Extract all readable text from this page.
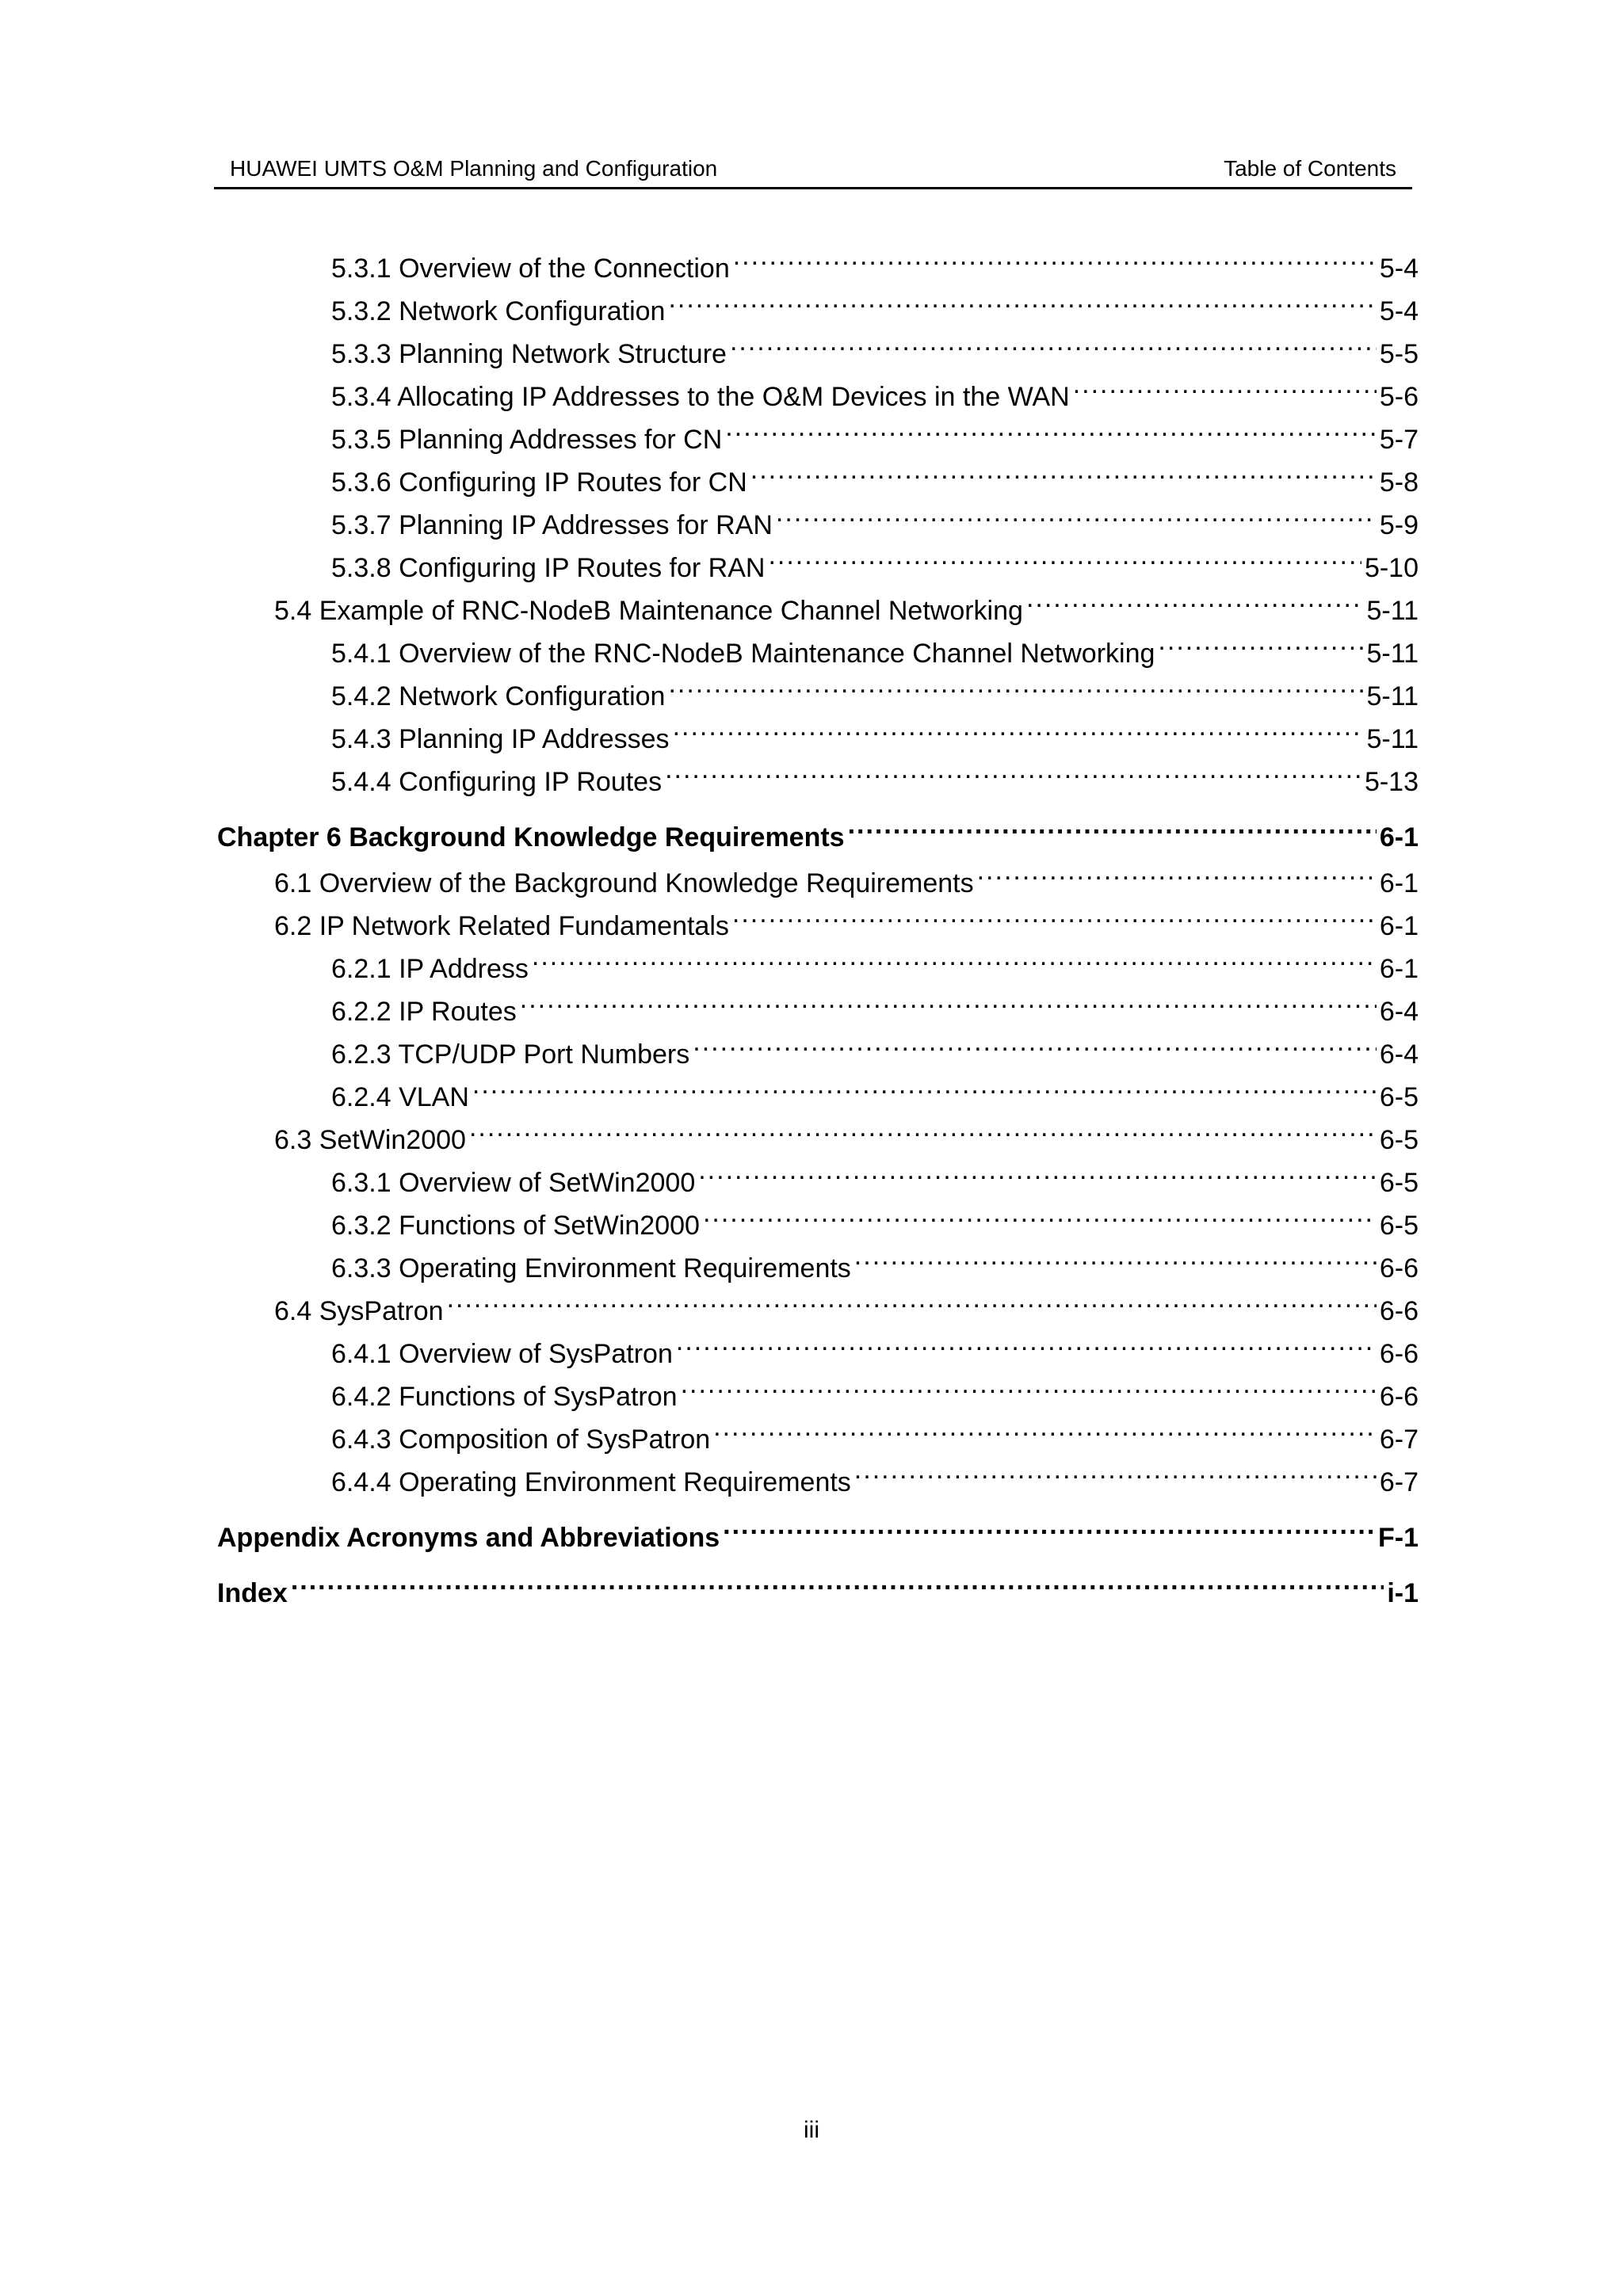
HUAWEI UMTS O&M Planning and Configuration	Table of Contents
5.3.1 Overview of the Connection .....	5-4
5.3.2 Network Configuration .....	5-4
5.3.3 Planning Network Structure .....	5-5
5.3.4 Allocating IP Addresses to the O&M Devices in the WAN .....	5-6
5.3.5 Planning Addresses for CN .....	5-7
5.3.6 Configuring IP Routes for CN .....	5-8
5.3.7 Planning IP Addresses for RAN .....	5-9
5.3.8 Configuring IP Routes for RAN .....	5-10
5.4 Example of RNC-NodeB Maintenance Channel Networking .....	5-11
5.4.1 Overview of the RNC-NodeB Maintenance Channel Networking .....	5-11
5.4.2 Network Configuration .....	5-11
5.4.3 Planning IP Addresses .....	5-11
5.4.4 Configuring IP Routes .....	5-13
Chapter 6 Background Knowledge Requirements .....	6-1
6.1 Overview of the Background Knowledge Requirements .....	6-1
6.2 IP Network Related Fundamentals .....	6-1
6.2.1 IP Address .....	6-1
6.2.2 IP Routes .....	6-4
6.2.3 TCP/UDP Port Numbers .....	6-4
6.2.4 VLAN .....	6-5
6.3 SetWin2000 .....	6-5
6.3.1 Overview of SetWin2000 .....	6-5
6.3.2 Functions of SetWin2000 .....	6-5
6.3.3 Operating Environment Requirements .....	6-6
6.4 SysPatron .....	6-6
6.4.1 Overview of SysPatron .....	6-6
6.4.2 Functions of SysPatron .....	6-6
6.4.3 Composition of SysPatron .....	6-7
6.4.4 Operating Environment Requirements .....	6-7
Appendix Acronyms and Abbreviations .....	F-1
Index .....	i-1
iii
